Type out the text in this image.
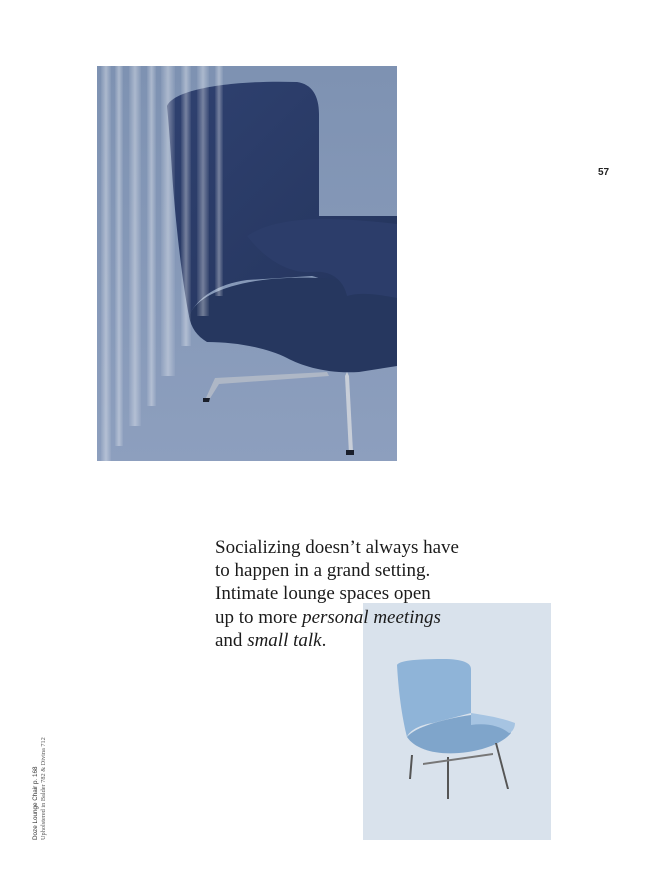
57

Socializing doesn’t always have
to happen in a grand setting.
Intimate lounge spaces open
up to more personal meetings
and small talk.

Doze Lounge Chair p. 168 Upholstered in Balder 782 & Divina 712
